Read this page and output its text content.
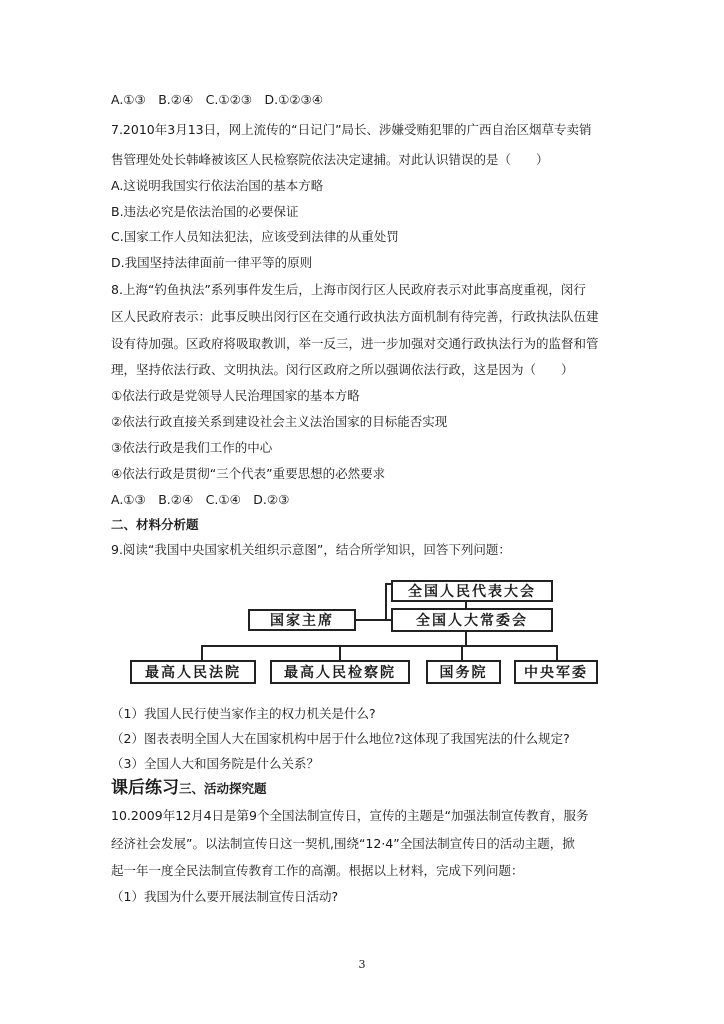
A.①③　B.②④　C.①②③　D.①②③④
7.2010年3月13日，网上流传的“日记门”局长、涉嫌受贿犯罪的广西自治区烟草专卖销
售管理处处长韩峰被该区人民检察院依法决定逮捕。对此认识错误的是（　　）
A.这说明我国实行依法治国的基本方略
B.违法必究是依法治国的必要保证
C.国家工作人员知法犯法，应该受到法律的从重处罚
D.我国坚持法律面前一律平等的原则
8.上海“钓鱼执法”系列事件发生后，上海市闵行区人民政府表示对此事高度重视，闵行
区人民政府表示：此事反映出闵行区在交通行政执法方面机制有待完善，行政执法队伍建
设有待加强。区政府将吸取教训，举一反三，进一步加强对交通行政执法行为的监督和管
理，坚持依法行政、文明执法。闵行区政府之所以强调依法行政，这是因为（　　）
①依法行政是党领导人民治理国家的基本方略
②依法行政直接关系到建设社会主义法治国家的目标能否实现
③依法行政是我们工作的中心
④依法行政是贯彻“三个代表”重要思想的必然要求
A.①③　B.②④　C.①④　D.②③
二、材料分析题
9.阅读“我国中央国家机关组织示意图”，结合所学知识，回答下列问题：
全国人民代表大会
全国人大常委会
国家主席
最高人民法院	最高人民检察院	国务院	中央军委
（1）我国人民行使当家作主的权力机关是什么?
（2）图表表明全国人大在国家机构中居于什么地位?这体现了我国宪法的什么规定?
（3）全国人大和国务院是什么关系？
课后练习三、活动探究题
10.2009年12月4日是第9个全国法制宣传日，宣传的主题是“加强法制宣传教育，服务
经济社会发展”。以法制宣传日这一契机,围绕“12·4”全国法制宣传日的活动主题，掀
起一年一度全民法制宣传教育工作的高潮。根据以上材料，完成下列问题：
（1）我国为什么要开展法制宣传日活动?
3
